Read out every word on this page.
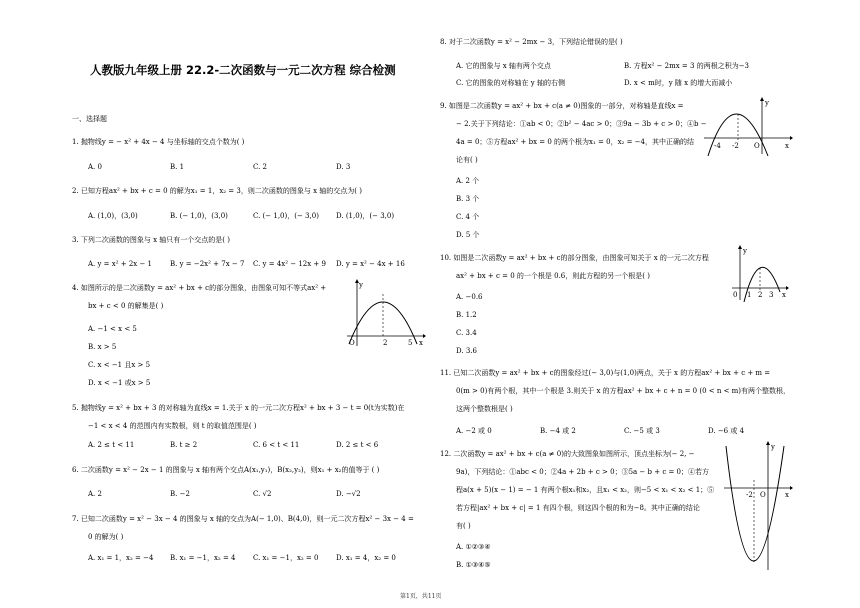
人教版九年级上册 22.2-二次函数与一元二次方程 综合检测
一、选择题
1. 抛物线y = − x² + 4x − 4 与坐标轴的交点个数为( )
A. 0	B. 1	C. 2	D. 3
2. 已知方程ax² + bx + c = 0 的解为x₁ = 1，x₂ = 3，则二次函数的图象与 x 轴的交点为( )
A. (1,0)，(3,0)	B. (− 1,0)，(3,0)	C. (− 1,0)，(− 3,0) D. (1,0)，(− 3,0)
3. 下列二次函数的图象与 x 轴只有一个交点的是( )
A. y = x² + 2x − 1	B. y = −2x² + 7x − 7 C. y = 4x² − 12x + 9 D. y = x² − 4x + 16
4. 如图所示的是二次函数y = ax² + bx + c的部分图象，由图象可知不等式ax² +
bx + c < 0 的解集是( )
A. −1 < x < 5
B. x > 5
C. x < −1 且x > 5
D. x < −1 或x > 5
y
O	2	5 x
5. 抛物线y = x² + bx + 3 的对称轴为直线x = 1.关于 x 的一元二次方程x² + bx + 3 − t = 0(t为实数)在
−1 < x < 4 的范围内有实数根，则 t 的取值范围是( )
A. 2 ≤ t < 11	B. t ≥ 2	C. 6 < t < 11	D. 2 ≤ t < 6
6. 二次函数y = x² − 2x − 1 的图象与 x 轴有两个交点A(x₁,y₁)，B(x₂,y₂)，则x₁ + x₂的值等于 ( )
A. 2	B. −2	C. √2	D. −√2
7. 已知二次函数y = x² − 3x − 4 的图象与 x 轴的交点为A(− 1,0)、B(4,0)，则一元二次方程x² − 3x − 4 =
0 的解为( )
A. x₁ = 1，x₂ = −4 B. x₁ = −1，x₂ = 4 C. x₁ = −1，x₂ = 0	D. x₁ = 4，x₂ = 0
8. 对于二次函数y = x² − 2mx − 3，下列结论错误的是( )
A. 它的图象与 x 轴有两个交点	B. 方程x² − 2mx = 3 的两根之积为−3
C. 它的图象的对称轴在 y 轴的右侧	D. x < m时，y 随 x 的增大而减小
9. 如图是二次函数y = ax² + bx + c(a ≠ 0)图象的一部分，对称轴是直线x =
− 2.关于下列结论：①ab < 0；②b² − 4ac > 0；③9a − 3b + c > 0；④b −
4a = 0；⑤方程ax² + bx = 0 的两个根为x₁ = 0，x₂ = −4，其中正确的结
论有( )
A. 2 个
B. 3 个
C. 4 个
D. 5 个
y
-4 -2 O	x
10. 如图是二次函数y = ax² + bx + c的部分图象，由图象可知关于 x 的一元二次方程
ax² + bx + c = 0 的一个根是 0.6，则此方程的另一个根是( )
A. −0.6
B. 1.2
C. 3.4
D. 3.6
y
0 1 2 3 x
11. 已知二次函数y = ax² + bx + c的图象经过(− 3,0)与(1,0)两点，关于 x 的方程ax² + bx + c + m =
0(m > 0)有两个根，其中一个根是 3.则关于 x 的方程ax² + bx + c + n = 0 (0 < n < m)有两个整数根，
这两个整数根是( )
A. −2 或 0	B. −4 或 2	C. −5 或 3	D. −6 或 4
12. 二次函数y = ax² + bx + c(a ≠ 0)的大致图象如图所示，顶点坐标为(− 2, −
9a)，下列结论：①abc < 0；②4a + 2b + c > 0；③5a − b + c = 0；④若方
程a(x + 5)(x − 1) = − 1 有两个根x₁和x₂，且x₁ < x₂，则−5 < x₁ < x₂ < 1；⑤
若方程|ax² + bx + c| = 1 有四个根，则这四个根的和为−8。其中正确的结论
有( )
A. ①②③④
B. ①③④⑤
y
-2 O	x
第1页，共11页
